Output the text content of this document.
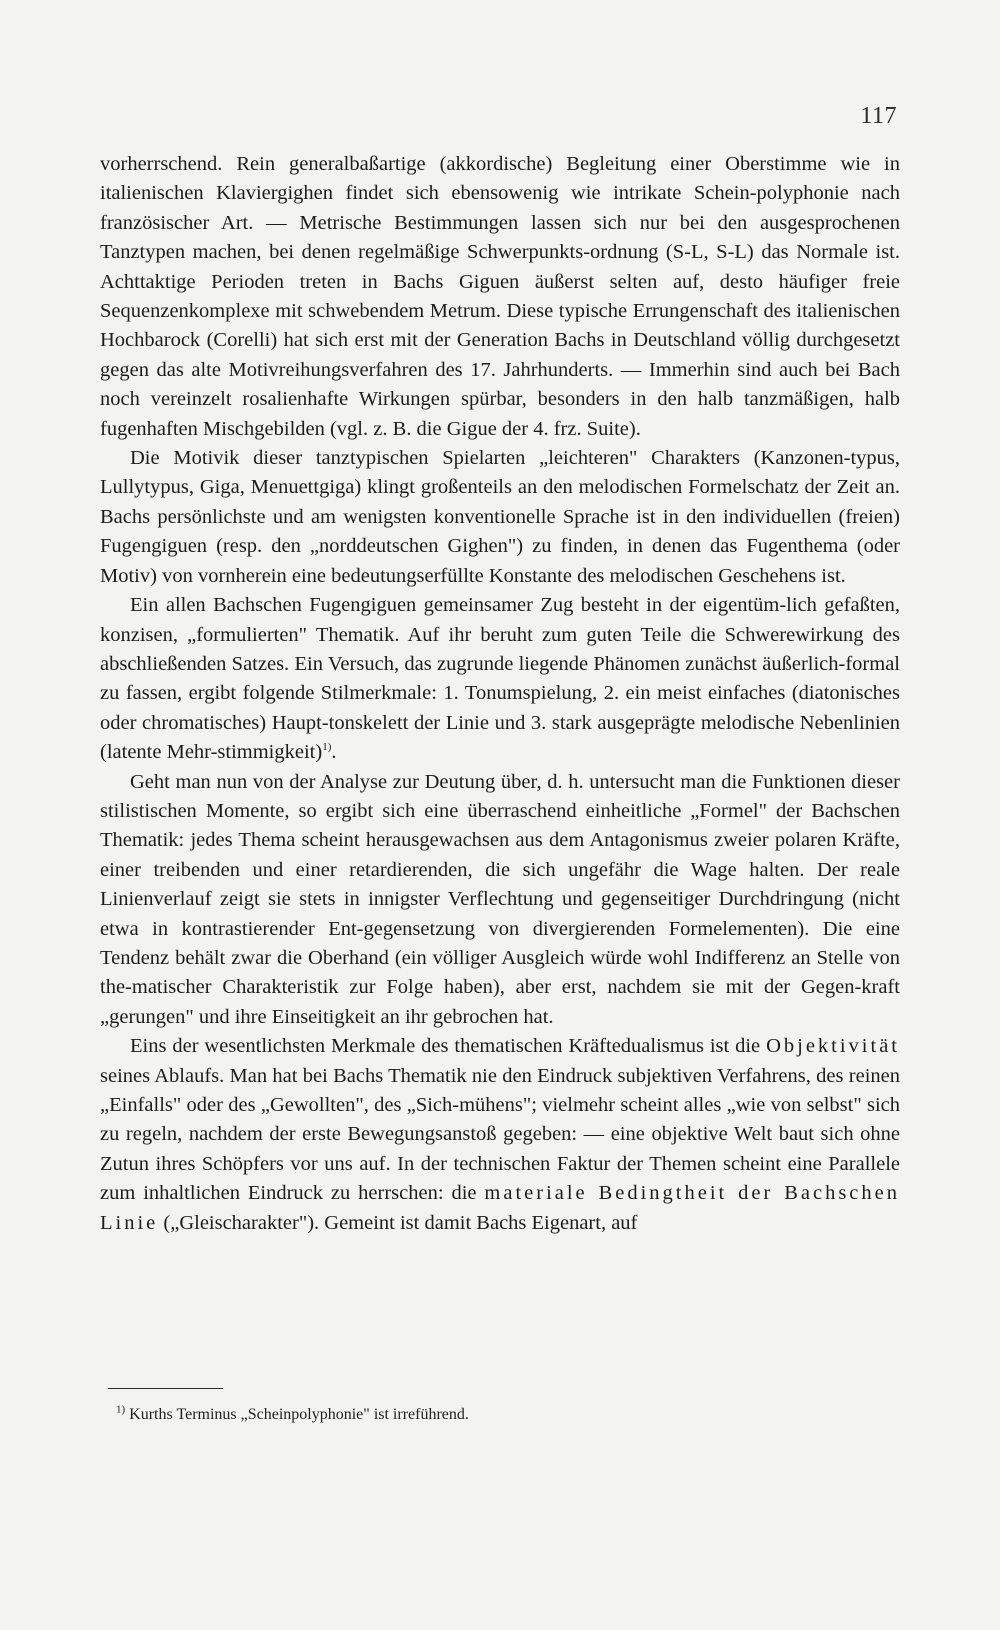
117

vorherrschend. Rein generalbaßartige (akkordische) Begleitung einer Oberstimme wie in italienischen Klaviergighen findet sich ebensowenig wie intrikate Schein-polyphonie nach französischer Art. — Metrische Bestimmungen lassen sich nur bei den ausgesprochenen Tanztypen machen, bei denen regelmäßige Schwerpunkts-ordnung (S-L, S-L) das Normale ist. Achttaktige Perioden treten in Bachs Giguen äußerst selten auf, desto häufiger freie Sequenzenkomplexe mit schwebendem Metrum. Diese typische Errungenschaft des italienischen Hochbarock (Corelli) hat sich erst mit der Generation Bachs in Deutschland völlig durchgesetzt gegen das alte Motivreihungsverfahren des 17. Jahrhunderts. — Immerhin sind auch bei Bach noch vereinzelt rosalienhafte Wirkungen spürbar, besonders in den halb tanzmäßigen, halb fugenhaften Mischgebilden (vgl. z. B. die Gigue der 4. frz. Suite).

Die Motivik dieser tanztypischen Spielarten „leichteren" Charakters (Kanzonen-typus, Lullytypus, Giga, Menuettgiga) klingt großenteils an den melodischen Formelschatz der Zeit an. Bachs persönlichste und am wenigsten konventionelle Sprache ist in den individuellen (freien) Fugengiguen (resp. den „norddeutschen Gighen") zu finden, in denen das Fugenthema (oder Motiv) von vornherein eine bedeutungserfüllte Konstante des melodischen Geschehens ist.

Ein allen Bachschen Fugengiguen gemeinsamer Zug besteht in der eigentüm-lich gefaßten, konzisen, „formulierten" Thematik. Auf ihr beruht zum guten Teile die Schwerewirkung des abschließenden Satzes. Ein Versuch, das zugrunde liegende Phänomen zunächst äußerlich-formal zu fassen, ergibt folgende Stilmerkmale: 1. Tonumspielung, 2. ein meist einfaches (diatonisches oder chromatisches) Haupt-tonskelett der Linie und 3. stark ausgeprägte melodische Nebenlinien (latente Mehr-stimmigkeit)$^{1)}$.

Geht man nun von der Analyse zur Deutung über, d. h. untersucht man die Funktionen dieser stilistischen Momente, so ergibt sich eine überraschend einheitliche „Formel" der Bachschen Thematik: jedes Thema scheint herausgewachsen aus dem Antagonismus zweier polaren Kräfte, einer treibenden und einer retardierenden, die sich ungefähr die Wage halten. Der reale Linienverlauf zeigt sie stets in innigster Verflechtung und gegenseitiger Durchdringung (nicht etwa in kontrastierender Ent-gegensetzung von divergierenden Formelementen). Die eine Tendenz behält zwar die Oberhand (ein völliger Ausgleich würde wohl Indifferenz an Stelle von the-matischer Charakteristik zur Folge haben), aber erst, nachdem sie mit der Gegen-kraft „gerungen" und ihre Einseitigkeit an ihr gebrochen hat.

Eins der wesentlichsten Merkmale des thematischen Kräftedualismus ist die Objektivität seines Ablaufs. Man hat bei Bachs Thematik nie den Eindruck subjektiven Verfahrens, des reinen „Einfalls" oder des „Gewollten", des „Sich-mühens"; vielmehr scheint alles „wie von selbst" sich zu regeln, nachdem der erste Bewegungsanstoß gegeben: — eine objektive Welt baut sich ohne Zutun ihres Schöpfers vor uns auf. In der technischen Faktur der Themen scheint eine Parallele zum inhaltlichen Eindruck zu herrschen: die materiale Bedingtheit der Bachschen Linie („Gleischarakter"). Gemeint ist damit Bachs Eigenart, auf

$^{1)}$ Kurths Terminus „Scheinpolyphonie" ist irreführend.
